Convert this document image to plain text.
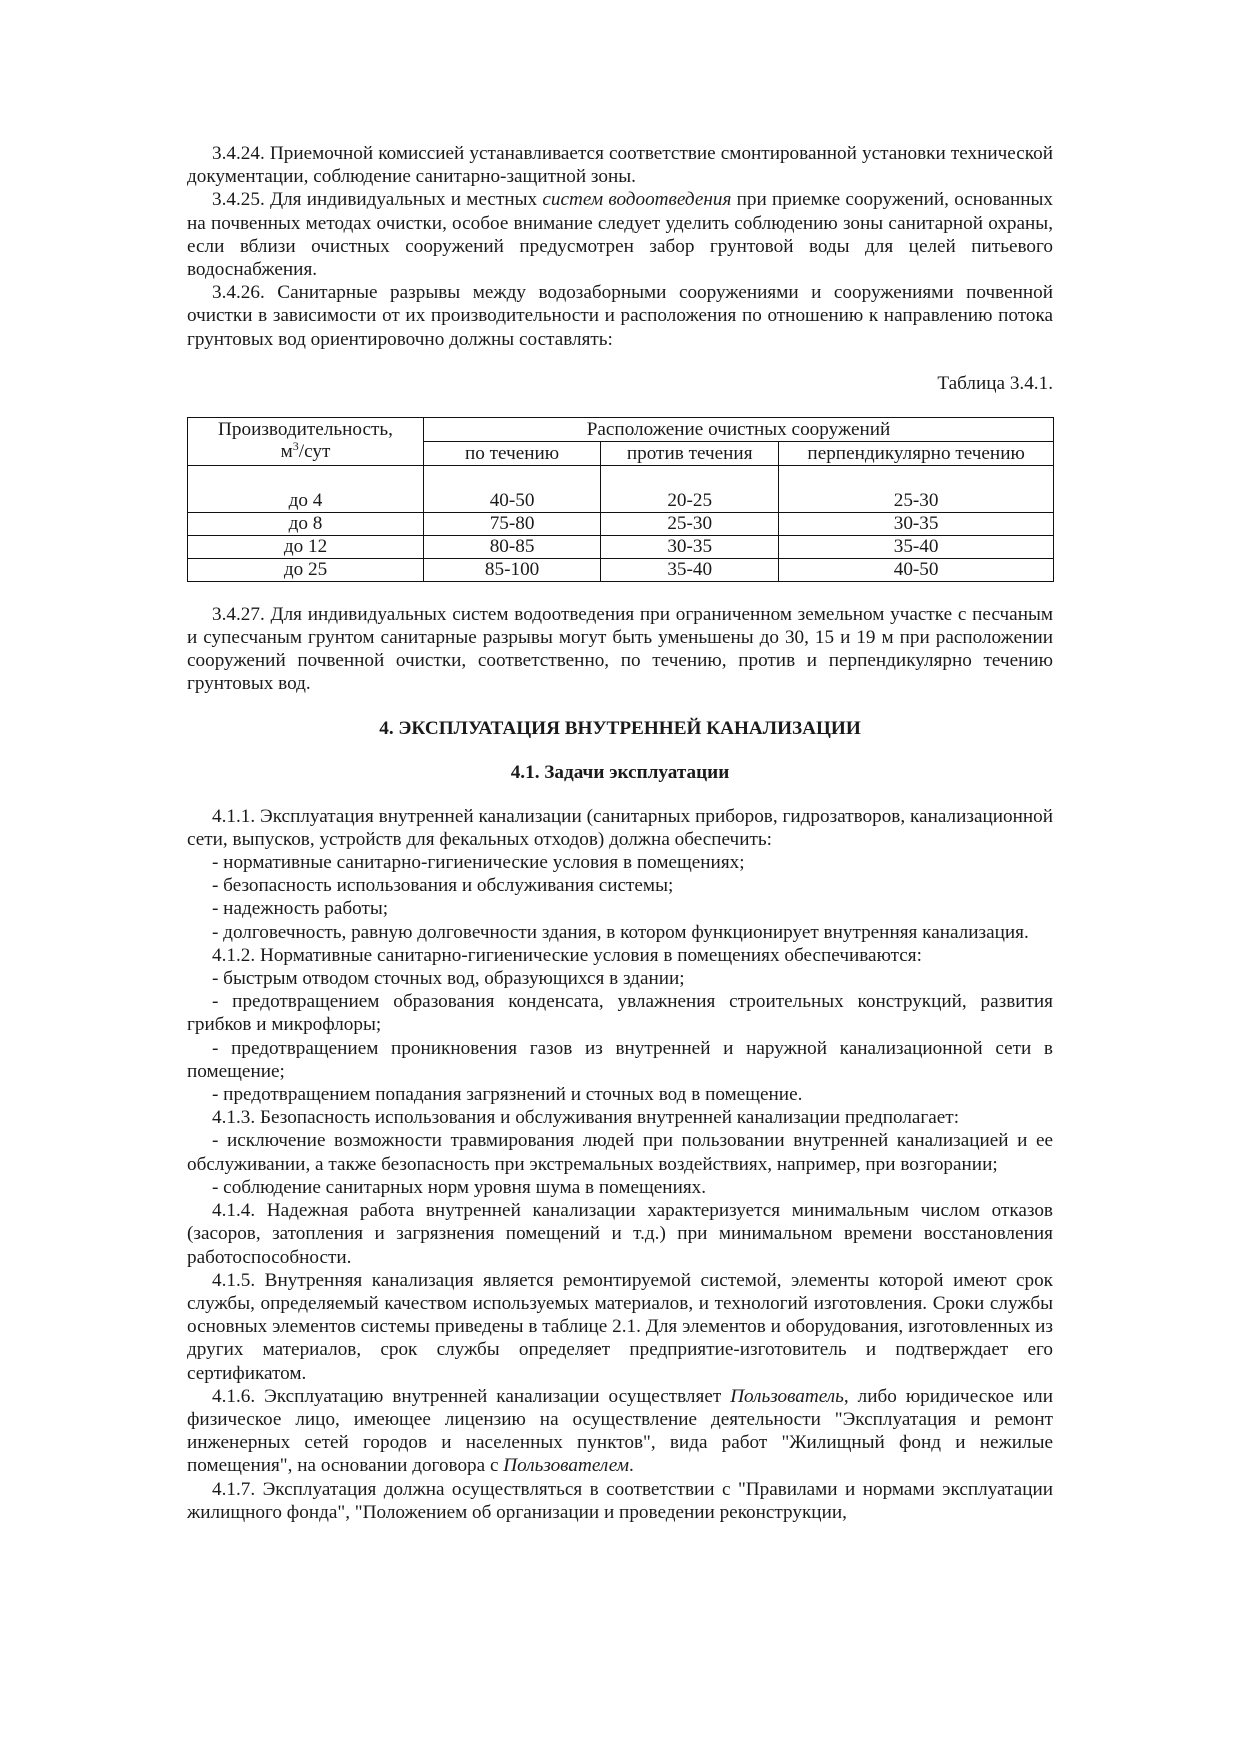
3.4.24. Приемочной комиссией устанавливается соответствие смонтированной установки технической документации, соблюдение санитарно-защитной зоны.

3.4.25. Для индивидуальных и местных систем водоотведения при приемке сооружений, основанных на почвенных методах очистки, особое внимание следует уделить соблюдению зоны санитарной охраны, если вблизи очистных сооружений предусмотрен забор грунтовой воды для целей питьевого водоснабжения.

3.4.26. Санитарные разрывы между водозаборными сооружениями и сооружениями почвенной очистки в зависимости от их производительности и расположения по отношению к направлению потока грунтовых вод ориентировочно должны составлять:

Таблица 3.4.1.

Производительность,
$м^3$/сут	Расположение очистных сооружений		
	по течению	против течения	перпендикулярно течению
до 4	40-50	20-25	25-30
до 8	75-80	25-30	30-35
до 12	80-85	30-35	35-40
до 25	85-100	35-40	40-50

3.4.27. Для индивидуальных систем водоотведения при ограниченном земельном участке с песчаным и супесчаным грунтом санитарные разрывы могут быть уменьшены до 30, 15 и 19 м при расположении сооружений почвенной очистки, соответственно, по течению, против и перпендикулярно течению грунтовых вод.

4. ЭКСПЛУАТАЦИЯ ВНУТРЕННЕЙ КАНАЛИЗАЦИИ

4.1. Задачи эксплуатации

4.1.1. Эксплуатация внутренней канализации (санитарных приборов, гидрозатворов, канализационной сети, выпусков, устройств для фекальных отходов) должна обеспечить:

- нормативные санитарно-гигиенические условия в помещениях;

- безопасность использования и обслуживания системы;

- надежность работы;

- долговечность, равную долговечности здания, в котором функционирует внутренняя канализация.

4.1.2. Нормативные санитарно-гигиенические условия в помещениях обеспечиваются:

- быстрым отводом сточных вод, образующихся в здании;

- предотвращением образования конденсата, увлажнения строительных конструкций, развития грибков и микрофлоры;

- предотвращением проникновения газов из внутренней и наружной канализационной сети в помещение;

- предотвращением попадания загрязнений и сточных вод в помещение.

4.1.3. Безопасность использования и обслуживания внутренней канализации предполагает:

- исключение возможности травмирования людей при пользовании внутренней канализацией и ее обслуживании, а также безопасность при экстремальных воздействиях, например, при возгорании;

- соблюдение санитарных норм уровня шума в помещениях.

4.1.4. Надежная работа внутренней канализации характеризуется минимальным числом отказов (засоров, затопления и загрязнения помещений и т.д.) при минимальном времени восстановления работоспособности.

4.1.5. Внутренняя канализация является ремонтируемой системой, элементы которой имеют срок службы, определяемый качеством используемых материалов, и технологий изготовления. Сроки службы основных элементов системы приведены в таблице 2.1. Для элементов и оборудования, изготовленных из других материалов, срок службы определяет предприятие-изготовитель и подтверждает его сертификатом.

4.1.6. Эксплуатацию внутренней канализации осуществляет Пользователь, либо юридическое или физическое лицо, имеющее лицензию на осуществление деятельности "Эксплуатация и ремонт инженерных сетей городов и населенных пунктов", вида работ "Жилищный фонд и нежилые помещения", на основании договора с Пользователем.

4.1.7. Эксплуатация должна осуществляться в соответствии с "Правилами и нормами эксплуатации жилищного фонда", "Положением об организации и проведении реконструкции,
